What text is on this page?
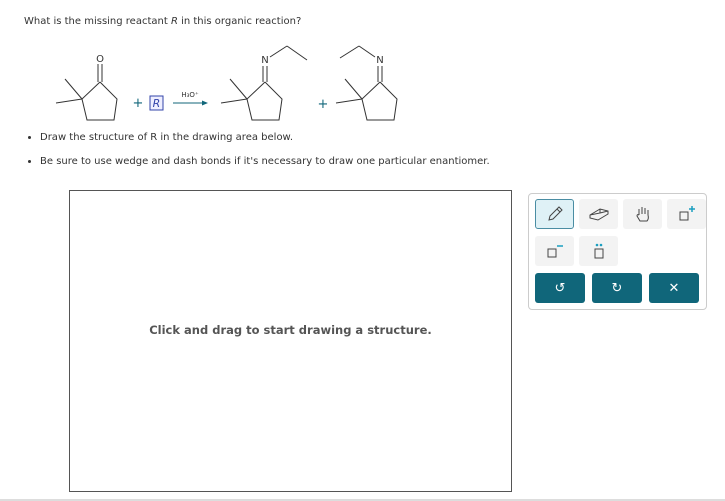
What is the missing reactant R in this organic reaction?
O
+ R
H₃O⁺
N
+
N
• Draw the structure of R in the drawing area below.
• Be sure to use wedge and dash bonds if it's necessary to draw one particular enantiomer.
Click and drag to start drawing a structure.
↺	↻	✕
